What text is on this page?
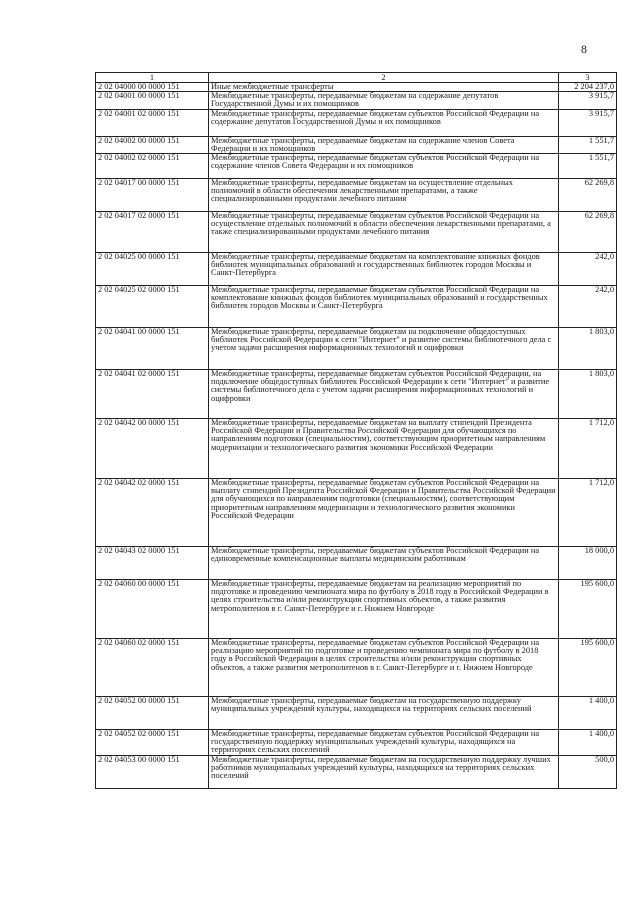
8
1	2	3
2 02 04000 00 0000 151	Иные межбюджетные трансферты	2 204 237,0
2 02 04001 00 0000 151	Межбюджетные трансферты, передаваемые бюджетам на содержание депутатов Государственной Думы и их помощников	3 915,7
2 02 04001 02 0000 151	Межбюджетные трансферты, передаваемые бюджетам субъектов Российской Федерации на содержание депутатов Государственной Думы и их помощников	3 915,7
2 02 04002 00 0000 151	Межбюджетные трансферты, передаваемые бюджетам на содержание членов Совета Федерации и их помощников	1 551,7
2 02 04002 02 0000 151	Межбюджетные трансферты, передаваемые бюджетам субъектов Российской Федерации на содержание членов Совета Федерации и их помощников	1 551,7
2 02 04017 00 0000 151	Межбюджетные трансферты, передаваемые бюджетам на осуществление отдельных полномочий в области обеспечения лекарственными препаратами, а также специализированными продуктами лечебного питания	62 269,8
2 02 04017 02 0000 151	Межбюджетные трансферты, передаваемые бюджетам субъектов Российской Федерации на осуществление отдельных полномочий в области обеспечения лекарственными препаратами, а также специализированными продуктами лечебного питания	62 269,8
2 02 04025 00 0000 151	Межбюджетные трансферты, передаваемые бюджетам на комплектование книжных фондов библиотек муниципальных образований и государственных библиотек городов Москвы и Санкт-Петербурга	242,0
2 02 04025 02 0000 151	Межбюджетные трансферты, передаваемые бюджетам субъектов Российской Федерации на комплектование книжных фондов библиотек муниципальных образований и государственных библиотек городов Москвы и Санкт-Петербурга	242,0
2 02 04041 00 0000 151	Межбюджетные трансферты, передаваемые бюджетам на подключение общедоступных библиотек Российской Федерации к сети "Интернет" и развитие системы библиотечного дела с учетом задачи расширения информационных технологий и оцифровки	1 803,0
2 02 04041 02 0000 151	Межбюджетные трансферты, передаваемые бюджетам субъектов Российской Федерации, на подключение общедоступных библиотек Российской Федерации к сети "Интернет" и развитие системы библиотечного дела с учетом задачи расширения информационных технологий и оцифровки	1 803,0
2 02 04042 00 0000 151	Межбюджетные трансферты, передаваемые бюджетам на выплату стипендий Президента Российской Федерации и Правительства Российской Федерации для обучающихся по направлениям подготовки (специальностям), соответствующим приоритетным направлениям модернизации и технологического развития экономики Российской Федерации	1 712,0
2 02 04042 02 0000 151	Межбюджетные трансферты, передаваемые бюджетам субъектов Российской Федерации на выплату стипендий Президента Российской Федерации и Правительства Российской Федерации для обучающихся по направлениям подготовки (специальностям), соответствующим приоритетным направлениям модернизации и технологического развития экономики Российской Федерации	1 712,0
2 02 04043 02 0000 151	Межбюджетные трансферты, передаваемые бюджетам субъектов Российской Федерации на единовременные компенсационные выплаты медицинским работникам	18 000,0
2 02 04060 00 0000 151	Межбюджетные трансферты, передаваемые бюджетам на реализацию мероприятий по подготовке и проведению чемпионата мира по футболу в 2018 году в Российской Федерации в целях строительства и/или реконструкции спортивных объектов, а также развития метрополитенов в г. Санкт-Петербурге и г. Нижнем Новгороде	195 600,0
2 02 04060 02 0000 151	Межбюджетные трансферты, передаваемые бюджетам субъектов Российской Федерации на реализацию мероприятий по подготовке и проведению чемпионата мира по футболу в 2018 году в Российской Федерации в целях строительства и/или реконструкции спортивных объектов, а также развития метрополитенов в г. Санкт-Петербурге и г. Нижнем Новгороде	195 600,0
2 02 04052 00 0000 151	Межбюджетные трансферты, передаваемые бюджетам на государственную поддержку муниципальных учреждений культуры, находящихся на территориях сельских поселений	1 400,0
2 02 04052 02 0000 151	Межбюджетные трансферты, передаваемые бюджетам субъектов Российской Федерации на государственную поддержку муниципальных учреждений культуры, находящихся на территориях сельских поселений	1 400,0
2 02 04053 00 0000 151	Межбюджетные трансферты, передаваемые бюджетам на государственную поддержку лучших работников муниципальных учреждений культуры, находящихся на территориях сельских поселений	500,0
